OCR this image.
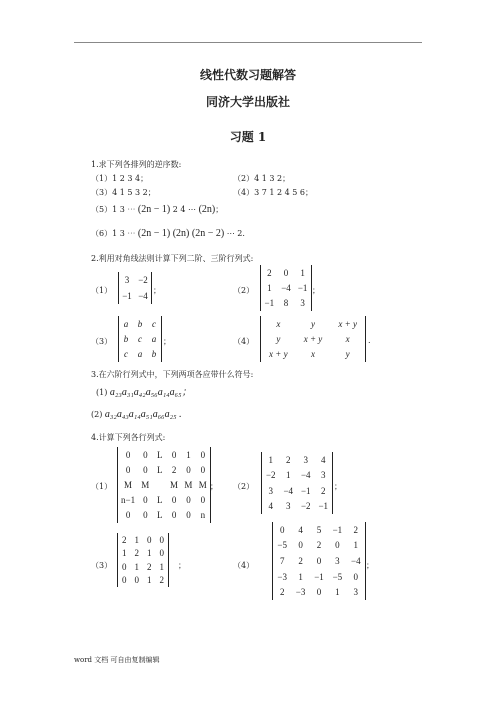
线性代数习题解答
同济大学出版社
习题 1
1.求下列各排列的逆序数:
（1）1 2 3 4；	（2）4 1 3 2；
（3）4 1 5 3 2；	（4）3 7 1 2 4 5 6；
（5）1 3 ⋯ (2n − 1) 2 4 ⋯ (2n)；
（6）1 3 ⋯ (2n − 1) (2n) (2n − 2) ⋯ 2.
2.利用对角线法则计算下列二阶、三阶行列式:
（1）
3 −2
−1 −4
；	（2）
2 0 1
1 −4 −1
−1 8 3
；
（3）
a b c
b c a
c a b
；	（4）
x	y	x + y
y	x + y	x
x + y	x	y
.
3.在六阶行列式中，下列两项各应带什么符号:
(1) a₂₃a₃₁a₄₂a₅₆a₁₄a₆₅；
(2) a₃₂a₄₃a₁₄a₅₁a₆₆a₂₅ .
4.计算下列各行列式:
（1）
0 0 L 0 1 0
0 0 L 2 0 0
M M M M M
n−1 0 L 0 0 0
0 0 L 0 0 n
； （2）
1 2 3 4
−2 1 −4 3
3 −4 −1 2
4 3 −2 −1
；
（3）
2 1 0 0
1 2 1 0
0 1 2 1
0 0 1 2
；	（4）
0 4 5 −1 2
−5 0 2 0 1
7 2 0 3 −4
−3 1 −1 −5 0
2 −3 0 1 3
；
word 文档 可自由复制编辑
